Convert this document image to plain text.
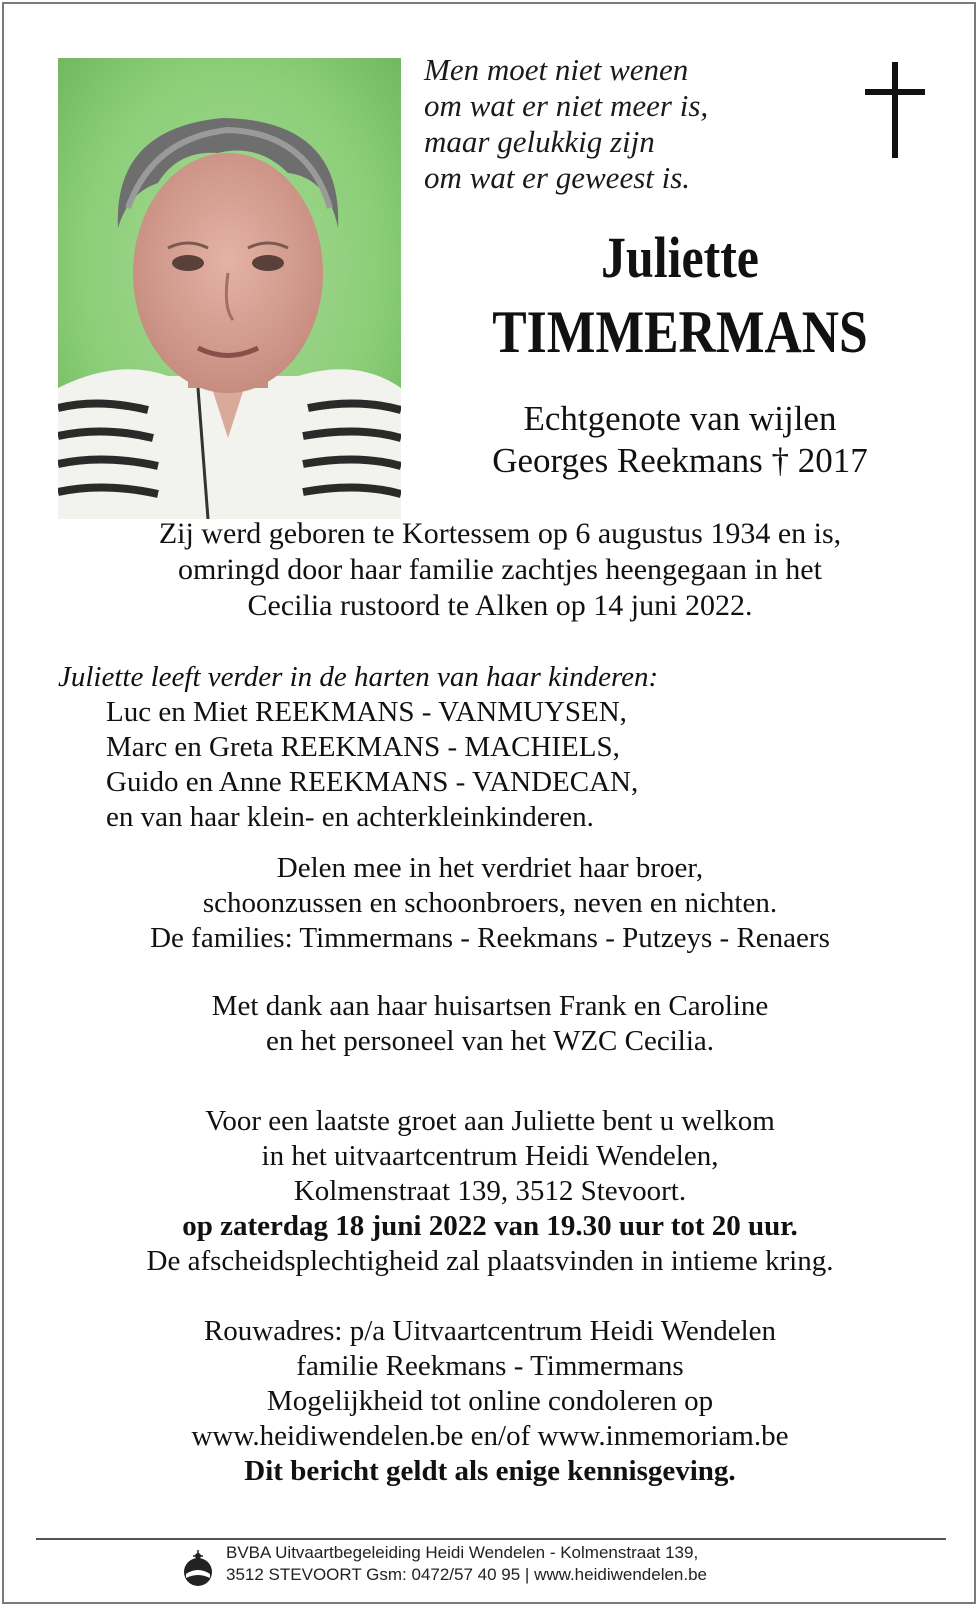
Men moet niet wenen
om wat er niet meer is,
maar gelukkig zijn
om wat er geweest is.
Juliette
TIMMERMANS
Echtgenote van wijlen
Georges Reekmans † 2017
Zij werd geboren te Kortessem op 6 augustus 1934 en is,
omringd door haar familie zachtjes heengegaan in het
Cecilia rustoord te Alken op 14 juni 2022.
Juliette leeft verder in de harten van haar kinderen:
Luc en Miet REEKMANS - VANMUYSEN,
Marc en Greta REEKMANS - MACHIELS,
Guido en Anne REEKMANS - VANDECAN,
en van haar klein- en achterkleinkinderen.
Delen mee in het verdriet haar broer,
schoonzussen en schoonbroers, neven en nichten.
De families: Timmermans - Reekmans - Putzeys - Renaers
Met dank aan haar huisartsen Frank en Caroline
en het personeel van het WZC Cecilia.
Voor een laatste groet aan Juliette bent u welkom
in het uitvaartcentrum Heidi Wendelen,
Kolmenstraat 139, 3512 Stevoort.
op zaterdag 18 juni 2022 van 19.30 uur tot 20 uur.
De afscheidsplechtigheid zal plaatsvinden in intieme kring.
Rouwadres: p/a Uitvaartcentrum Heidi Wendelen
familie Reekmans - Timmermans
Mogelijkheid tot online condoleren op
www.heidiwendelen.be en/of www.inmemoriam.be
Dit bericht geldt als enige kennisgeving.
BVBA Uitvaartbegeleiding Heidi Wendelen - Kolmenstraat 139,
3512 STEVOORT Gsm: 0472/57 40 95 | www.heidiwendelen.be
